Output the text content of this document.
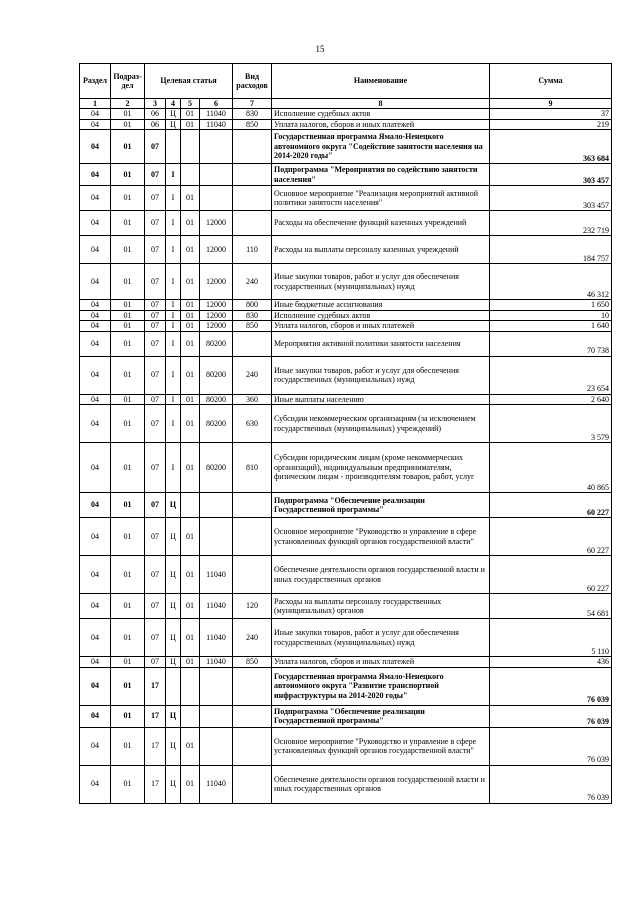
15
Раздел	Подраз-дел	Целевая статья				Вид расходов	Наименование	Сумма
1	2	3	4	5	6	7	8	9
04	01	06	Ц	01	11040	830	Исполнение судебных актов	37
04	01	06	Ц	01	11040	850	Уплата налогов, сборов и иных платежей	219
04	01	07					Государственная программа Ямало-Ненецкого автономного округа "Содействие занятости населения на 2014-2020 годы"	363 684
04	01	07	I				Подпрограмма "Мероприятия по содействию занятости населения"	303 457
04	01	07	I	01			Основное мероприятие "Реализация мероприятий активной политики занятости населения"	303 457
04	01	07	I	01	12000		Расходы на обеспечение функций казенных учреждений	232 719
04	01	07	I	01	12000	110	Расходы на выплаты персоналу казенных учреждений	184 757
04	01	07	I	01	12000	240	Иные закупки товаров, работ и услуг для обеспечения государственных (муниципальных) нужд	46 312
04	01	07	I	01	12000	800	Иные бюджетные ассигнования	1 650
04	01	07	I	01	12000	830	Исполнение судебных актов	10
04	01	07	I	01	12000	850	Уплата налогов, сборов и иных платежей	1 640
04	01	07	I	01	80200		Мероприятия активной политики занятости населения	70 738
04	01	07	I	01	80200	240	Иные закупки товаров, работ и услуг для обеспечения государственных (муниципальных) нужд	23 654
04	01	07	I	01	80200	360	Иные выплаты населению	2 640
04	01	07	I	01	80200	630	Субсидии некоммерческим организациям (за исключением государственных (муниципальных) учреждений)	3 579
04	01	07	I	01	80200	810	Субсидии юридическим лицам (кроме некоммерческих организаций), индивидуальным предпринимателям, физическим лицам - производителям товаров, работ, услуг	40 865
04	01	07	Ц				Подпрограмма "Обеспечение реализации Государственной программы"	60 227
04	01	07	Ц	01			Основное мероприятие "Руководство и управление в сфере установленных функций органов государственной власти"	60 227
04	01	07	Ц	01	11040		Обеспечение деятельности органов государственной власти и иных государственных органов	60 227
04	01	07	Ц	01	11040	120	Расходы на выплаты персоналу государственных (муниципальных) органов	54 681
04	01	07	Ц	01	11040	240	Иные закупки товаров, работ и услуг для обеспечения государственных (муниципальных) нужд	5 110
04	01	07	Ц	01	11040	850	Уплата налогов, сборов и иных платежей	436
04	01	17					Государственная программа Ямало-Ненецкого автономного округа "Развитие транспортной инфраструктуры на 2014-2020 годы"	76 039
04	01	17	Ц				Подпрограмма "Обеспечение реализации Государственной программы"	76 039
04	01	17	Ц	01			Основное мероприятие "Руководство и управление в сфере установленных функций органов государственной власти"	76 039
04	01	17	Ц	01	11040		Обеспечение деятельности органов государственной власти и иных государственных органов	76 039
